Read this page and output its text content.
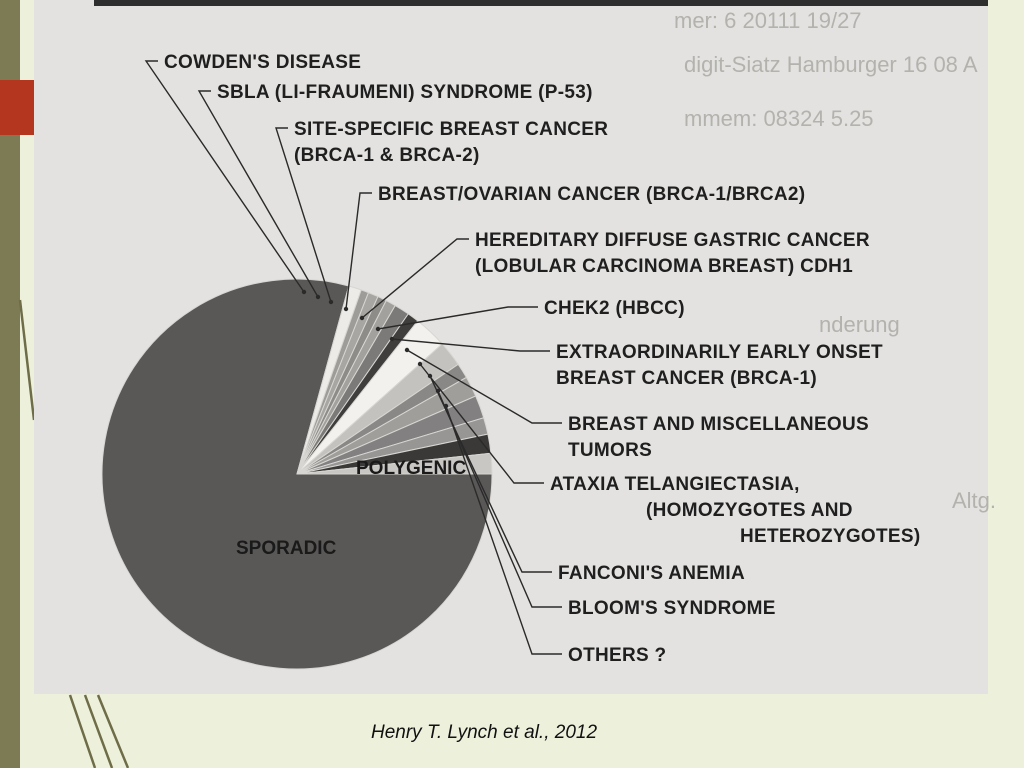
mer: 6 20111 19/27
digit-Siatz Hamburger 16 08 A
mmem: 08324 5.25
nderung
Altg.
COWDEN'S DISEASE
SBLA (LI-FRAUMENI) SYNDROME (P-53)
SITE-SPECIFIC BREAST CANCER
(BRCA-1 & BRCA-2)
BREAST/OVARIAN CANCER (BRCA-1/BRCA2)
HEREDITARY DIFFUSE GASTRIC CANCER
(LOBULAR CARCINOMA BREAST) CDH1
CHEK2 (HBCC)
EXTRAORDINARILY EARLY ONSET
BREAST CANCER (BRCA-1)
BREAST AND MISCELLANEOUS
TUMORS
ATAXIA TELANGIECTASIA,
(HOMOZYGOTES AND
HETEROZYGOTES)
FANCONI'S ANEMIA
BLOOM'S SYNDROME
OTHERS ?
POLYGENIC
SPORADIC
Henry T. Lynch et al., 2012
